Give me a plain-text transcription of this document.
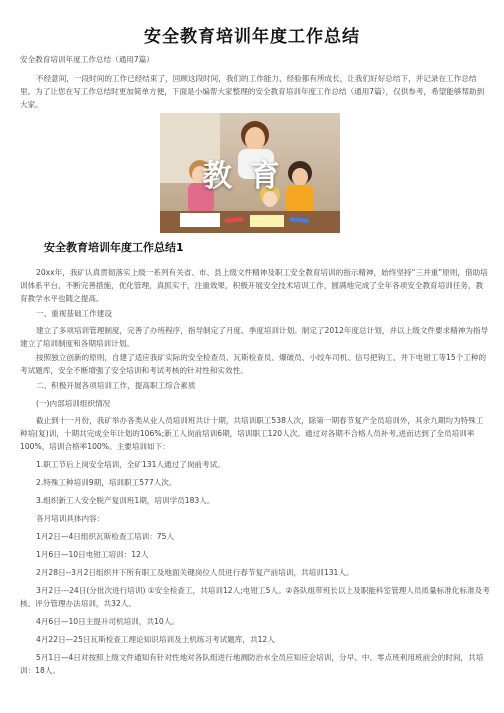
安全教育培训年度工作总结

安全教育培训年度工作总结（通用7篇）

不经意间，一段时间的工作已经结束了，回顾这段时间，我们的工作能力、经验都有所成长，让我们好好总结下，并记录在工作总结里。为了让您在写工作总结时更加简单方便，下面是小编帮大家整理的安全教育培训年度工作总结（通用7篇），仅供参考，希望能够帮助到大家。

教育
安全教育培训年度工作总结1

20xx年，我矿认真贯彻落实上级一系列有关省、市、县上级文件精神及职工安全教育培训的指示精神，始终坚持“三并重”原则，借助培训体系平台，不断完善措施，优化管理，真抓实干，注重效果，积极开展安全技术培训工作，圆满地完成了全年各项安全教育培训任务，教育教学水平也随之提高。

一、重视基础工作建设

建立了多项培训管理制度，完善了办班程序，指导制定了月度、季度培训计划。制定了2012年度总计划，并以上级文件要求精神为指导建立了培训制度和各期培训计划。

按照独立创新的原则，自建了适应我矿实际的安全检查员、瓦斯检查员、爆破员、小绞车司机、信号把钩工、井下电钳工等15个工种的考试题库，安全不断增强了安全培训和考试考核的针对性和实效性。

二、积极开展各项培训工作，提高职工综合素质

(一)内部培训组织情况

截止到十一月份，我矿举办各类从业人员培训班共计十期，共培训职工538人次，除第一期春节复产全员培训外，其余九期均为特殊工种培(复)训，十期共完成全年计划的106%;新工人岗前培训6期，培训职工120人次。通过对各期不合格人员补考,进而达到了全员培训率100%，培训合格率100%。主要培训如下：

1.职工节后上岗安全培训，全矿131人通过了岗前考试。

2.特殊工种培训9期，培训职工577人次。

3.组织新工人安全脱产复训班1期，培训学员183人。

各月培训具体内容：

1月2日—4日组织瓦斯检查工培训：75人

1月6日—10日电钳工培训：12人

2月28日--3月2日组织井下所有职工及地面关键岗位人员进行春节复产前培训，共培训131人。

3月2日---24日(分批次进行培训) ①安全检查工，共培训12人;电钳工5人。②各队组带班长以上及职能科室管理人员质量标准化标准及考核、评分管理办法培训，共32人。

4月6日—10日主提升司机培训，共10人。

4月22日—25日瓦斯检查工理论知识培训及上机练习考试题库，共12人

5月1日—4日对按照上级文件通知有针对性地对各队组进行地测防治水全员应知应会培训，分早、中、零点班利用班前会的时间，共培训：18人。
